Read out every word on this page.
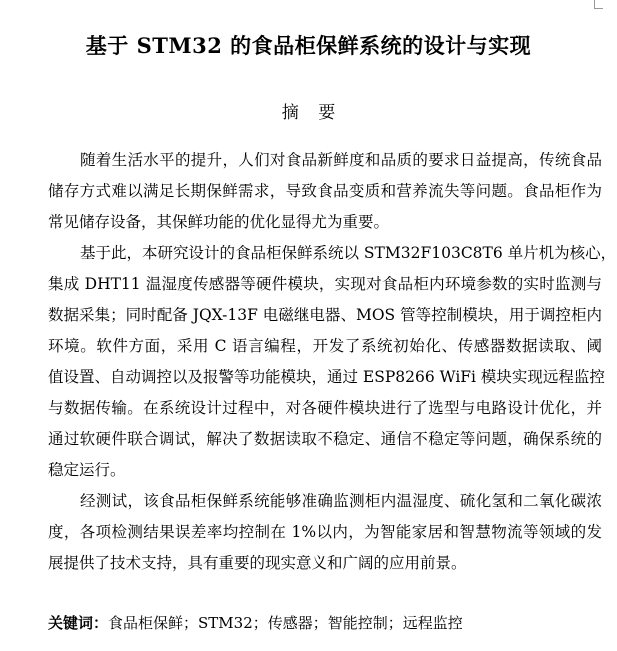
基于 STM32 的食品柜保鲜系统的设计与实现
摘 要
随着生活水平的提升，人们对食品新鲜度和品质的要求日益提高，传统食品
储存方式难以满足长期保鲜需求，导致食品变质和营养流失等问题。食品柜作为
常见储存设备，其保鲜功能的优化显得尤为重要。
基于此，本研究设计的食品柜保鲜系统以 STM32F103C8T6 单片机为核心，
集成 DHT11 温湿度传感器等硬件模块，实现对食品柜内环境参数的实时监测与
数据采集；同时配备 JQX-13F 电磁继电器、MOS 管等控制模块，用于调控柜内
环境。软件方面，采用 C 语言编程，开发了系统初始化、传感器数据读取、阈
值设置、自动调控以及报警等功能模块，通过 ESP8266 WiFi 模块实现远程监控
与数据传输。在系统设计过程中，对各硬件模块进行了选型与电路设计优化，并
通过软硬件联合调试，解决了数据读取不稳定、通信不稳定等问题，确保系统的
稳定运行。
经测试，该食品柜保鲜系统能够准确监测柜内温湿度、硫化氢和二氧化碳浓
度，各项检测结果误差率均控制在 1%以内，为智能家居和智慧物流等领域的发
展提供了技术支持，具有重要的现实意义和广阔的应用前景。
关键词：食品柜保鲜；STM32；传感器；智能控制；远程监控
